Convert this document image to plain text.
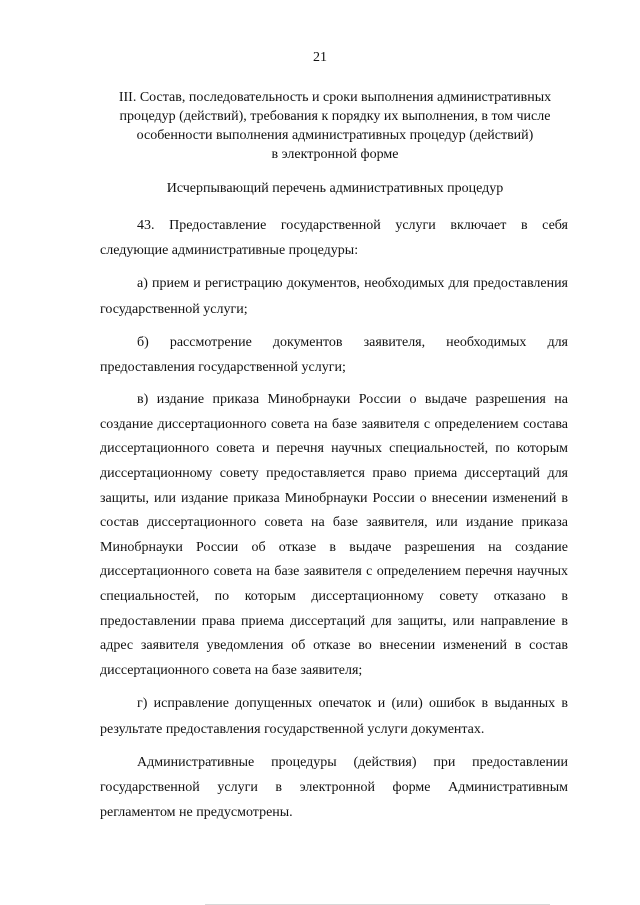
21
III. Состав, последовательность и сроки выполнения административных
процедур (действий), требования к порядку их выполнения, в том числе
особенности выполнения административных процедур (действий)
в электронной форме
Исчерпывающий перечень административных процедур

43. Предоставление государственной услуги включает в себя следующие административные процедуры:

а) прием и регистрацию документов, необходимых для предоставления государственной услуги;

б) рассмотрение документов заявителя, необходимых для предоставления государственной услуги;

в) издание приказа Минобрнауки России о выдаче разрешения на создание диссертационного совета на базе заявителя с определением состава диссертационного совета и перечня научных специальностей, по которым диссертационному совету предоставляется право приема диссертаций для защиты, или издание приказа Минобрнауки России о внесении изменений в состав диссертационного совета на базе заявителя, или издание приказа Минобрнауки России об отказе в выдаче разрешения на создание диссертационного совета на базе заявителя с определением перечня научных специальностей, по которым диссертационному совету отказано в предоставлении права приема диссертаций для защиты, или направление в адрес заявителя уведомления об отказе во внесении изменений в состав диссертационного совета на базе заявителя;

г) исправление допущенных опечаток и (или) ошибок в выданных в результате предоставления государственной услуги документах.

Административные процедуры (действия) при предоставлении государственной услуги в электронной форме Административным регламентом не предусмотрены.
